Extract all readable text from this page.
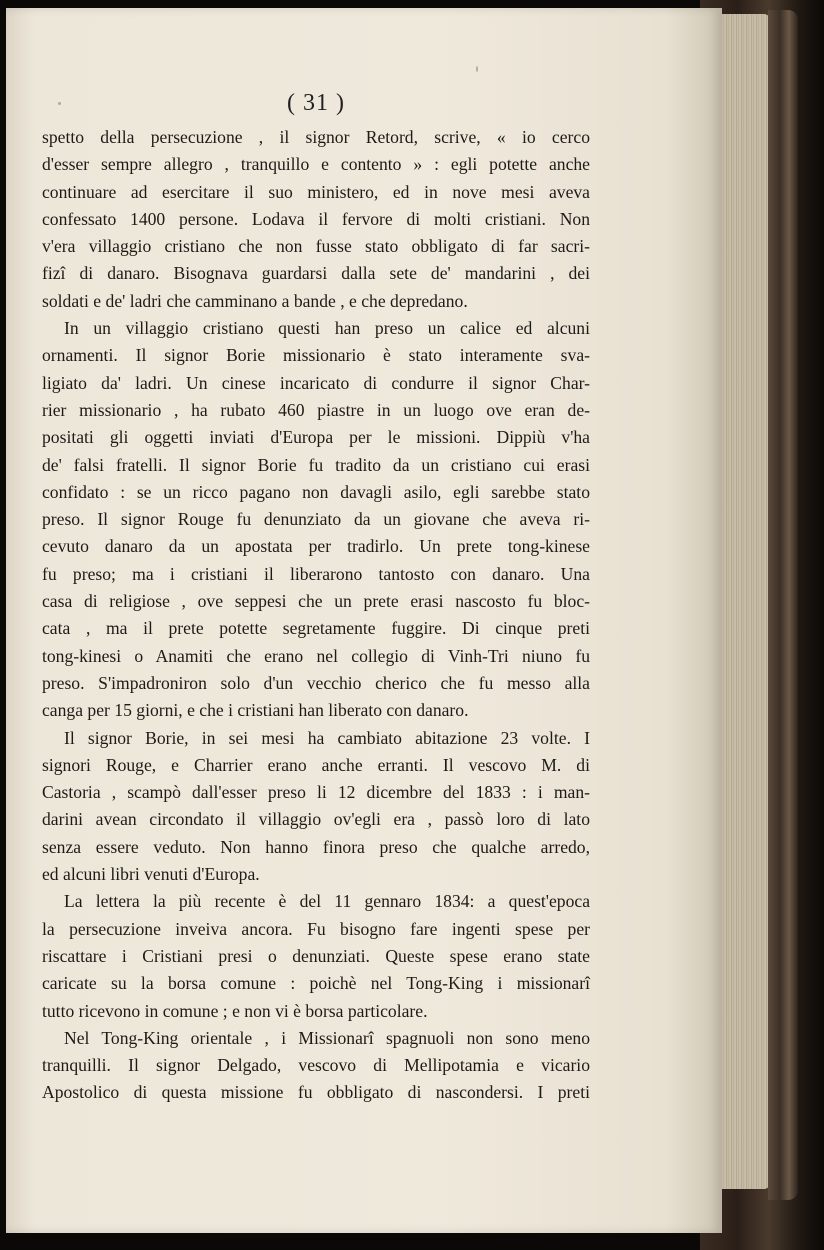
( 31 )
spetto della persecuzione , il signor Retord, scrive, « io cerco
d'esser sempre allegro , tranquillo e contento » : egli potette anche
continuare ad esercitare il suo ministero, ed in nove mesi aveva
confessato 1400 persone. Lodava il fervore di molti cristiani. Non
v'era villaggio cristiano che non fusse stato obbligato di far sacri-
fizî di danaro. Bisognava guardarsi dalla sete de' mandarini , dei
soldati e de' ladri che camminano a bande , e che depredano.
In un villaggio cristiano questi han preso un calice ed alcuni
ornamenti. Il signor Borie missionario è stato interamente sva-
ligiato da' ladri. Un cinese incaricato di condurre il signor Char-
rier missionario , ha rubato 460 piastre in un luogo ove eran de-
positati gli oggetti inviati d'Europa per le missioni. Dippiù v'ha
de' falsi fratelli. Il signor Borie fu tradito da un cristiano cui erasi
confidato : se un ricco pagano non davagli asilo, egli sarebbe stato
preso. Il signor Rouge fu denunziato da un giovane che aveva ri-
cevuto danaro da un apostata per tradirlo. Un prete tong-kinese
fu preso; ma i cristiani il liberarono tantosto con danaro. Una
casa di religiose , ove seppesi che un prete erasi nascosto fu bloc-
cata , ma il prete potette segretamente fuggire. Di cinque preti
tong-kinesi o Anamiti che erano nel collegio di Vinh-Tri niuno fu
preso. S'impadroniron solo d'un vecchio cherico che fu messo alla
canga per 15 giorni, e che i cristiani han liberato con danaro.
Il signor Borie, in sei mesi ha cambiato abitazione 23 volte. I
signori Rouge, e Charrier erano anche erranti. Il vescovo M. di
Castoria , scampò dall'esser preso li 12 dicembre del 1833 : i man-
darini avean circondato il villaggio ov'egli era , passò loro di lato
senza essere veduto. Non hanno finora preso che qualche arredo,
ed alcuni libri venuti d'Europa.
La lettera la più recente è del 11 gennaro 1834: a quest'epoca
la persecuzione inveiva ancora. Fu bisogno fare ingenti spese per
riscattare i Cristiani presi o denunziati. Queste spese erano state
caricate su la borsa comune : poichè nel Tong-King i missionarî
tutto ricevono in comune ; e non vi è borsa particolare.
Nel Tong-King orientale , i Missionarî spagnuoli non sono meno
tranquilli. Il signor Delgado, vescovo di Mellipotamia e vicario
Apostolico di questa missione fu obbligato di nascondersi. I preti
